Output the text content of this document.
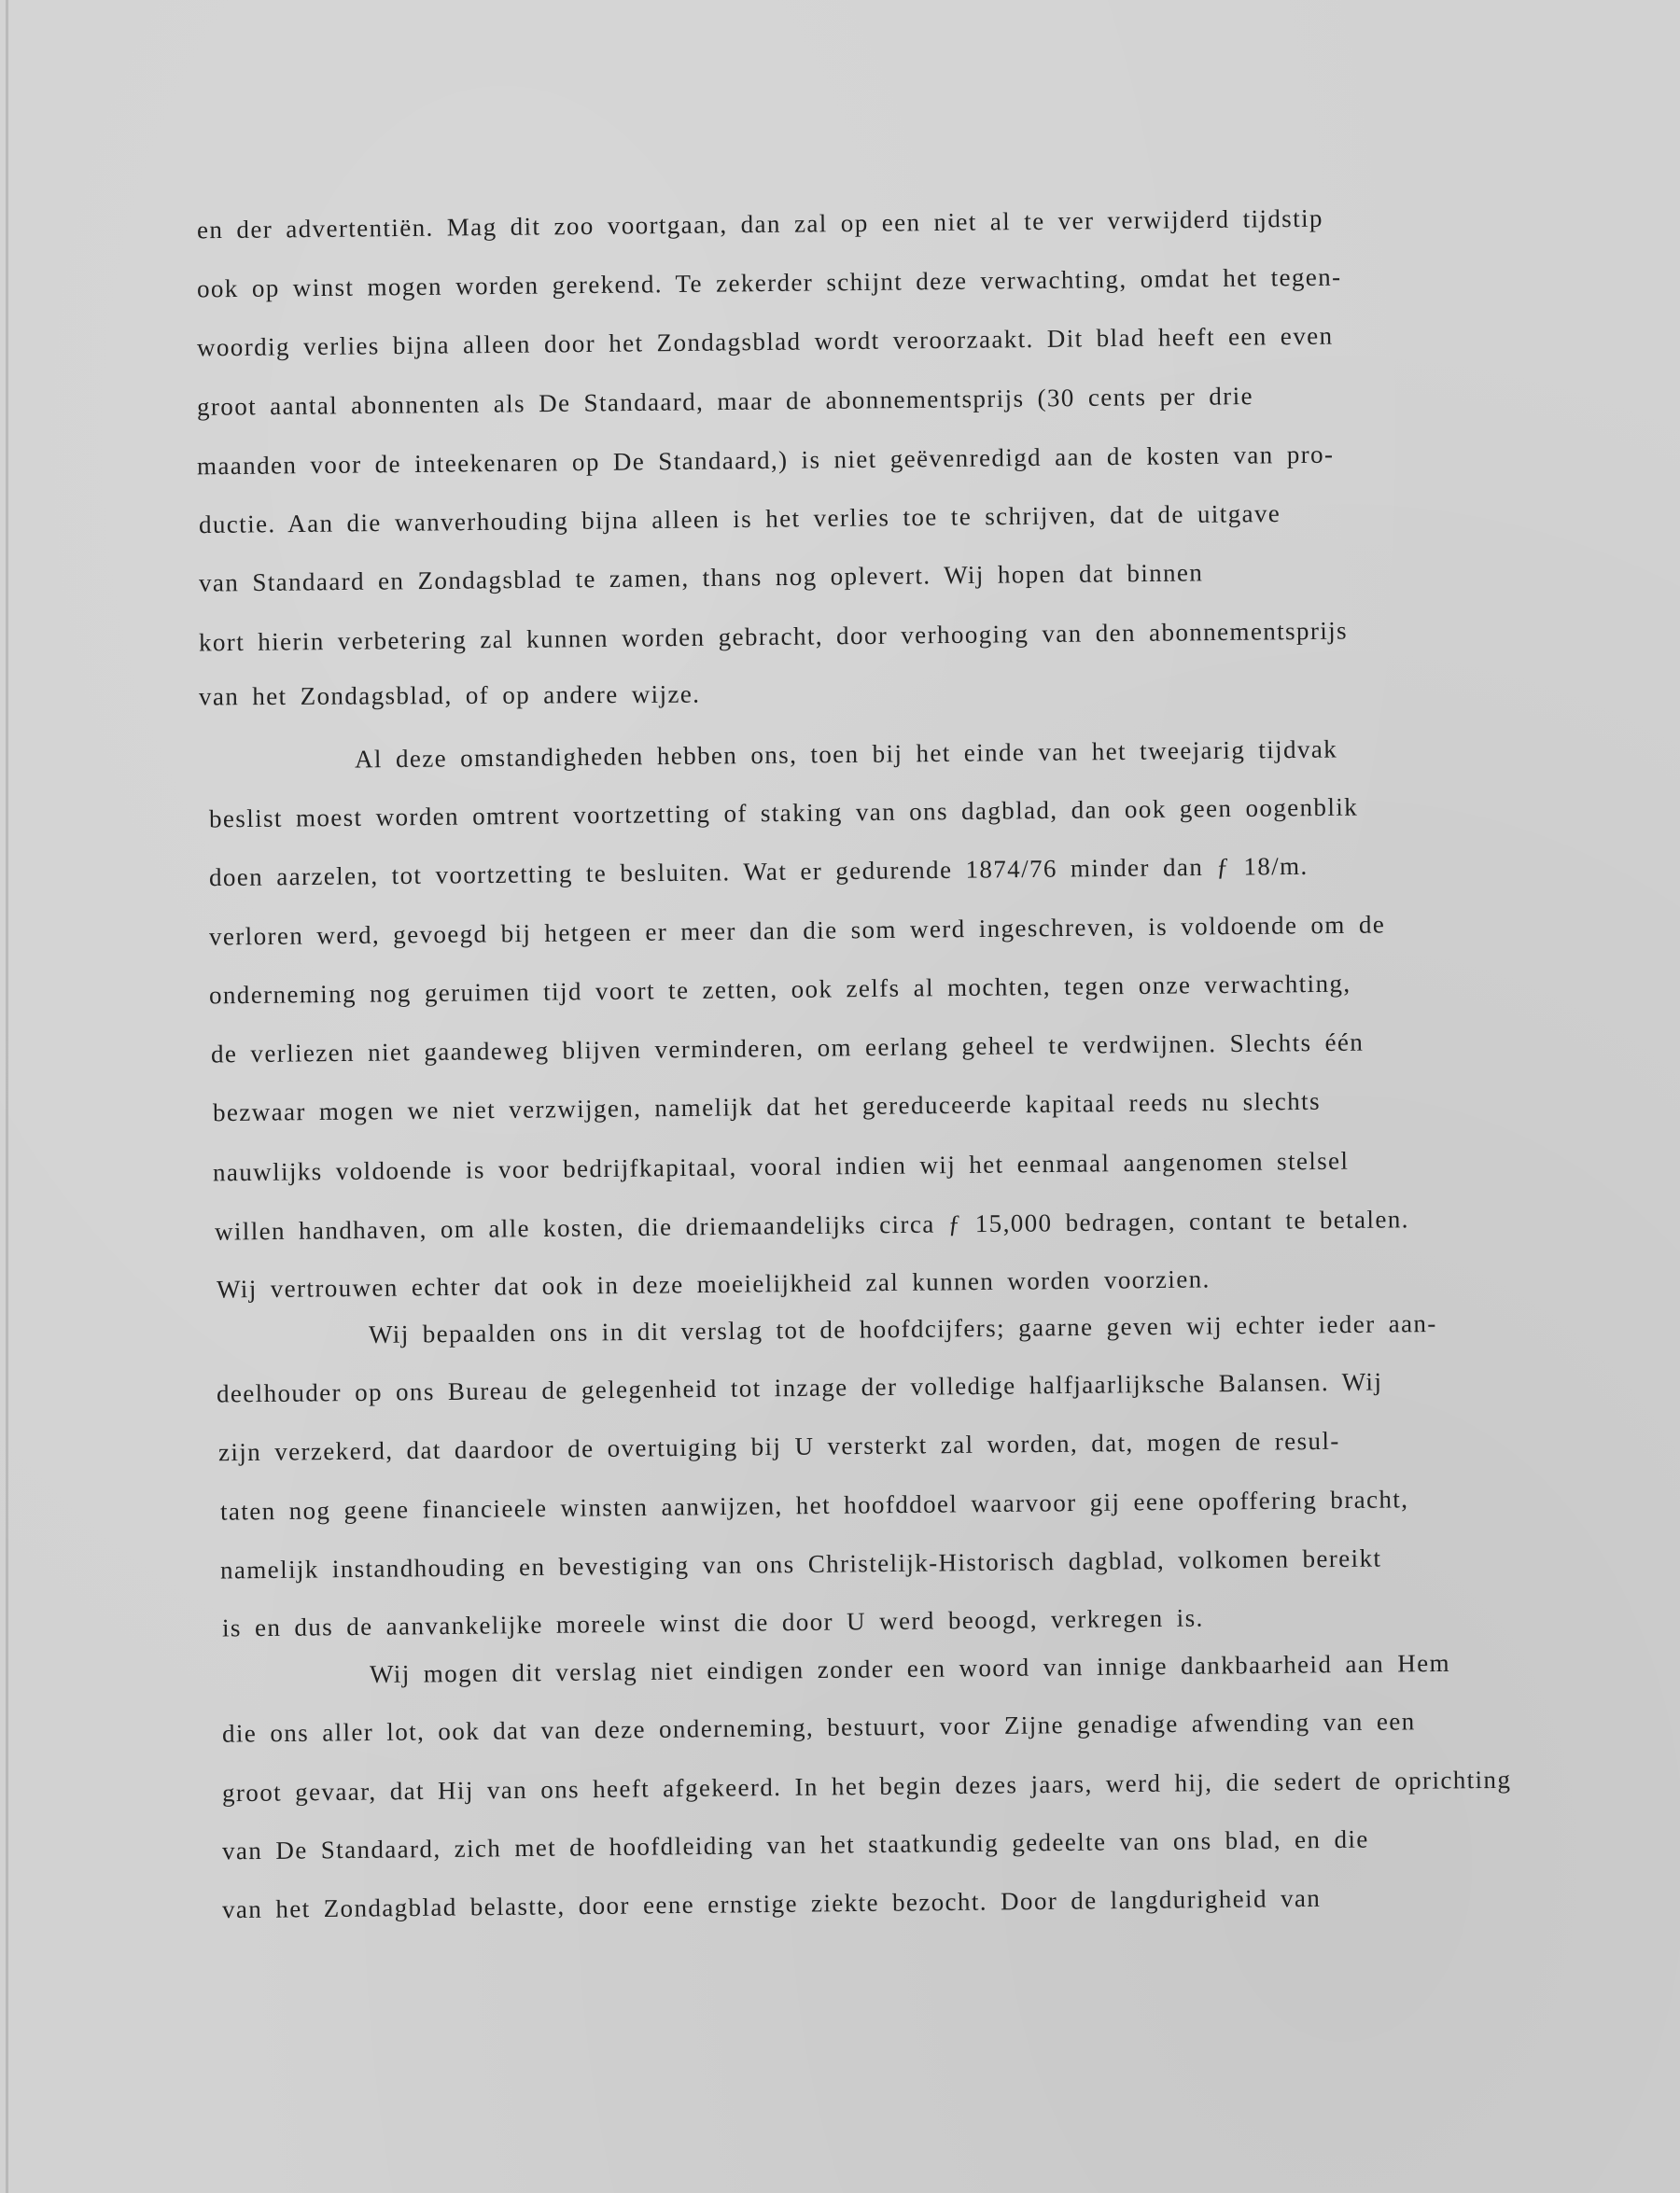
en der advertentiën. Mag dit zoo voortgaan, dan zal op een niet al te ver verwijderd tijdstip

ook op winst mogen worden gerekend. Te zekerder schijnt deze verwachting, omdat het tegen-

woordig verlies bijna alleen door het Zondagsblad wordt veroorzaakt. Dit blad heeft een even

groot aantal abonnenten als De Standaard, maar de abonnementsprijs (30 cents per drie

maanden voor de inteekenaren op De Standaard,) is niet geëvenredigd aan de kosten van pro-

ductie. Aan die wanverhouding bijna alleen is het verlies toe te schrijven, dat de uitgave

van Standaard en Zondagsblad te zamen, thans nog oplevert. Wij hopen dat binnen

kort hierin verbetering zal kunnen worden gebracht, door verhooging van den abonnementsprijs

van het Zondagsblad, of op andere wijze.

Al deze omstandigheden hebben ons, toen bij het einde van het tweejarig tijdvak

beslist moest worden omtrent voortzetting of staking van ons dagblad, dan ook geen oogenblik

doen aarzelen, tot voortzetting te besluiten. Wat er gedurende 1874/76 minder dan ƒ 18/m.

verloren werd, gevoegd bij hetgeen er meer dan die som werd ingeschreven, is voldoende om de

onderneming nog geruimen tijd voort te zetten, ook zelfs al mochten, tegen onze verwachting,

de verliezen niet gaandeweg blijven verminderen, om eerlang geheel te verdwijnen. Slechts één

bezwaar mogen we niet verzwijgen, namelijk dat het gereduceerde kapitaal reeds nu slechts

nauwlijks voldoende is voor bedrijfkapitaal, vooral indien wij het eenmaal aangenomen stelsel

willen handhaven, om alle kosten, die driemaandelijks circa ƒ 15,000 bedragen, contant te betalen.

Wij vertrouwen echter dat ook in deze moeielijkheid zal kunnen worden voorzien.

Wij bepaalden ons in dit verslag tot de hoofdcijfers; gaarne geven wij echter ieder aan-

deelhouder op ons Bureau de gelegenheid tot inzage der volledige halfjaarlijksche Balansen. Wij

zijn verzekerd, dat daardoor de overtuiging bij U versterkt zal worden, dat, mogen de resul-

taten nog geene financieele winsten aanwijzen, het hoofddoel waarvoor gij eene opoffering bracht,

namelijk instandhouding en bevestiging van ons Christelijk-Historisch dagblad, volkomen bereikt

is en dus de aanvankelijke moreele winst die door U werd beoogd, verkregen is.

Wij mogen dit verslag niet eindigen zonder een woord van innige dankbaarheid aan Hem

die ons aller lot, ook dat van deze onderneming, bestuurt, voor Zijne genadige afwending van een

groot gevaar, dat Hij van ons heeft afgekeerd. In het begin dezes jaars, werd hij, die sedert de oprichting

van De Standaard, zich met de hoofdleiding van het staatkundig gedeelte van ons blad, en die

van het Zondagblad belastte, door eene ernstige ziekte bezocht. Door de langdurigheid van
